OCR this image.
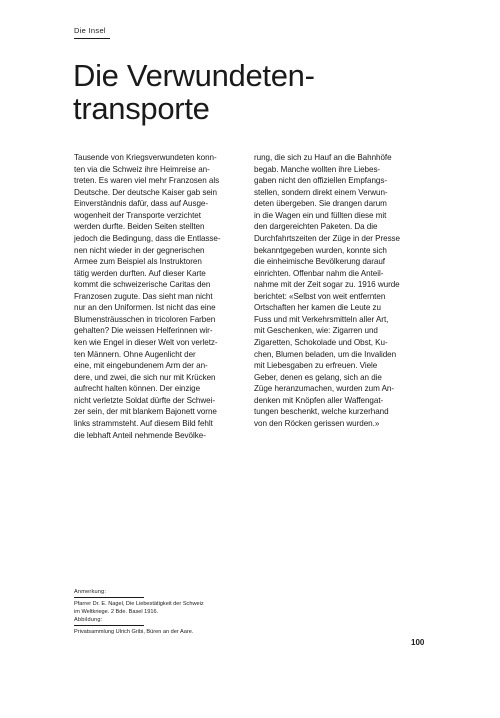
Die Insel
Die Verwundeten-
transporte
Tausende von Kriegsverwundeten konn-
ten via die Schweiz ihre Heimreise an-
treten. Es waren viel mehr Franzosen als
Deutsche. Der deutsche Kaiser gab sein
Einverständnis dafür, dass auf Ausge-
wogenheit der Transporte verzichtet
werden durfte. Beiden Seiten stellten
jedoch die Bedingung, dass die Entlasse-
nen nicht wieder in der gegnerischen
Armee zum Beispiel als Instruktoren
tätig werden durften. Auf dieser Karte
kommt die schweizerische Caritas den
Franzosen zugute. Das sieht man nicht
nur an den Uniformen. Ist nicht das eine
Blumensträusschen in tricoloren Farben
gehalten? Die weissen Helferinnen wir-
ken wie Engel in dieser Welt von verletz-
ten Männern. Ohne Augenlicht der
eine, mit eingebundenem Arm der an-
dere, und zwei, die sich nur mit Krücken
aufrecht halten können. Der einzige
nicht verletzte Soldat dürfte der Schwei-
zer sein, der mit blankem Bajonett vorne
links strammsteht. Auf diesem Bild fehlt
die lebhaft Anteil nehmende Bevölke-
rung, die sich zu Hauf an die Bahnhöfe
begab. Manche wollten ihre Liebes-
gaben nicht den offiziellen Empfangs-
stellen, sondern direkt einem Verwun-
deten übergeben. Sie drangen darum
in die Wagen ein und füllten diese mit
den dargereichten Paketen. Da die
Durchfahrtszeiten der Züge in der Presse
bekanntgegeben wurden, konnte sich
die einheimische Bevölkerung darauf
einrichten. Offenbar nahm die Anteil-
nahme mit der Zeit sogar zu. 1916 wurde
berichtet: «Selbst von weit entfernten
Ortschaften her kamen die Leute zu
Fuss und mit Verkehrsmitteln aller Art,
mit Geschenken, wie: Zigarren und
Zigaretten, Schokolade und Obst, Ku-
chen, Blumen beladen, um die Invaliden
mit Liebesgaben zu erfreuen. Viele
Geber, denen es gelang, sich an die
Züge heranzumachen, wurden zum An-
denken mit Knöpfen aller Waffengat-
tungen beschenkt, welche kurzerhand
von den Röcken gerissen wurden.»
Anmerkung:
Pfarrer Dr. E. Nagel, Die Liebestätigkeit der Schweiz
im Weltkriege. 2 Bde. Basel 1916.
Abbildung:
Privatsammlung Ulrich Gribi, Büren an der Aare.
100
